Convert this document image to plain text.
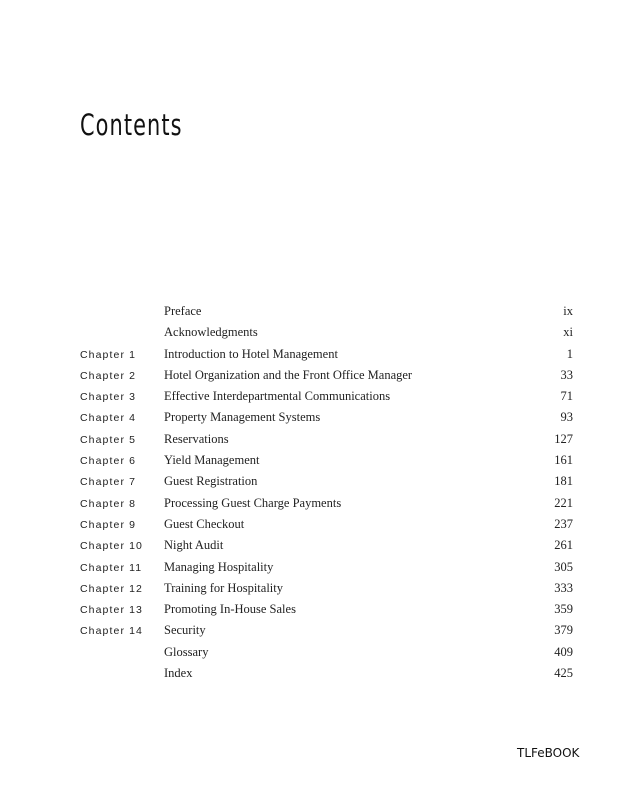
Contents
Preface	ix
Acknowledgments	xi
Chapter 1	Introduction to Hotel Management	1
Chapter 2	Hotel Organization and the Front Office Manager	33
Chapter 3	Effective Interdepartmental Communications	71
Chapter 4	Property Management Systems	93
Chapter 5	Reservations	127
Chapter 6	Yield Management	161
Chapter 7	Guest Registration	181
Chapter 8	Processing Guest Charge Payments	221
Chapter 9	Guest Checkout	237
Chapter 10	Night Audit	261
Chapter 11	Managing Hospitality	305
Chapter 12	Training for Hospitality	333
Chapter 13	Promoting In-House Sales	359
Chapter 14	Security	379
Glossary	409
Index	425
TLFeBOOK
